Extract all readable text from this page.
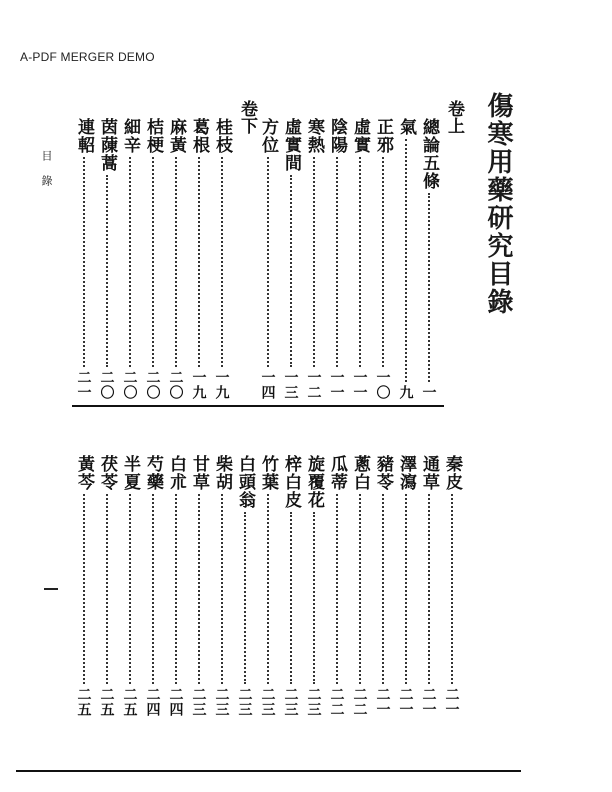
A-PDF MERGER DEMO
傷寒用藥研究目錄
目錄
卷上
總論五條
一
氣
九
正邪
一〇
虛實
一一
陰陽
一一
寒熱
一二
虛實間
一三
方位
一四
卷下
桂枝
一九
葛根
一九
麻黃
二〇
桔梗
二〇
細辛
二〇
茵蔯蒿
二〇
連軺
二一
秦皮
二一
通草
二一
澤瀉
二一
豬苓
二一
蔥白
二二
瓜蒂
二二
旋覆花
二三
梓白皮
二三
竹葉
二三
白頭翁
二三
柴胡
二三
甘草
二三
白朮
二四
芍藥
二四
半夏
二五
茯苓
二五
黃芩
二五
